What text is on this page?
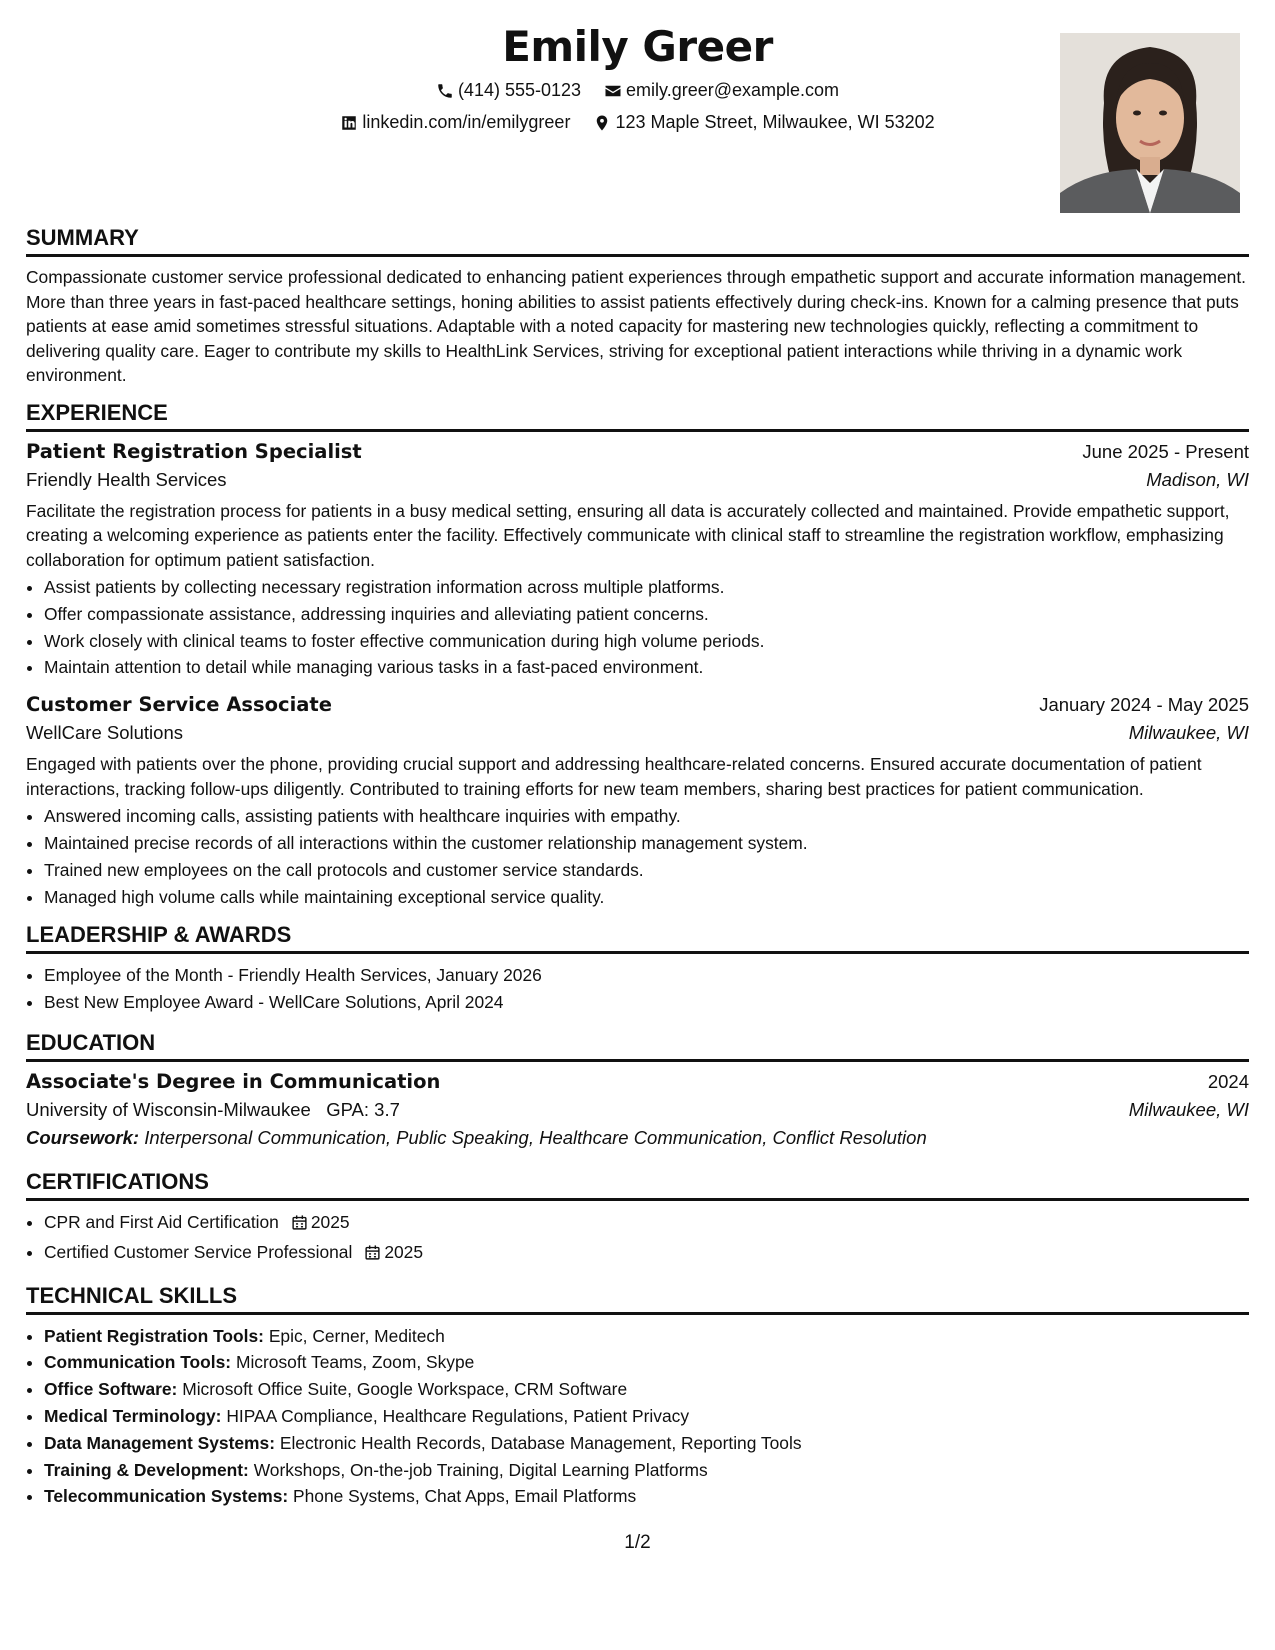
Emily Greer
(414) 555-0123
	emily.greer@example.com
linkedin.com/in/emilygreer
	123 Maple Street, Milwaukee, WI 53202
SUMMARY

Compassionate customer service professional dedicated to enhancing patient experiences through empathetic support and accurate information management. More than three years in fast-paced healthcare settings, honing abilities to assist patients effectively during check-ins. Known for a calming presence that puts patients at ease amid sometimes stressful situations. Adaptable with a noted capacity for mastering new technologies quickly, reflecting a commitment to delivering quality care. Eager to contribute my skills to HealthLink Services, striving for exceptional patient interactions while thriving in a dynamic work environment.

EXPERIENCE
Patient Registration Specialist	June 2025 - Present
Friendly Health Services	Madison, WI
Facilitate the registration process for patients in a busy medical setting, ensuring all data is accurately collected and maintained. Provide empathetic support, creating a welcoming experience as patients enter the facility. Effectively communicate with clinical staff to streamline the registration workflow, emphasizing collaboration for optimum patient satisfaction.
• Assist patients by collecting necessary registration information across multiple platforms.
• Offer compassionate assistance, addressing inquiries and alleviating patient concerns.
• Work closely with clinical teams to foster effective communication during high volume periods.
• Maintain attention to detail while managing various tasks in a fast-paced environment.
Customer Service Associate	January 2024 - May 2025
WellCare Solutions	Milwaukee, WI
Engaged with patients over the phone, providing crucial support and addressing healthcare-related concerns. Ensured accurate documentation of patient interactions, tracking follow-ups diligently. Contributed to training efforts for new team members, sharing best practices for patient communication.
• Answered incoming calls, assisting patients with healthcare inquiries with empathy.
• Maintained precise records of all interactions within the customer relationship management system.
• Trained new employees on the call protocols and customer service standards.
• Managed high volume calls while maintaining exceptional service quality.
LEADERSHIP & AWARDS
• Employee of the Month - Friendly Health Services, January 2026
• Best New Employee Award - WellCare Solutions, April 2024
EDUCATION
Associate's Degree in Communication	2024
University of Wisconsin-Milwaukee GPA: 3.7	Milwaukee, WI
Coursework: Interpersonal Communication, Public Speaking, Healthcare Communication, Conflict Resolution
CERTIFICATIONS
• CPR and First Aid Certification 2025
• Certified Customer Service Professional 2025
TECHNICAL SKILLS
• Patient Registration Tools: Epic, Cerner, Meditech
• Communication Tools: Microsoft Teams, Zoom, Skype
• Office Software: Microsoft Office Suite, Google Workspace, CRM Software
• Medical Terminology: HIPAA Compliance, Healthcare Regulations, Patient Privacy
• Data Management Systems: Electronic Health Records, Database Management, Reporting Tools
• Training & Development: Workshops, On-the-job Training, Digital Learning Platforms
• Telecommunication Systems: Phone Systems, Chat Apps, Email Platforms
1/2
